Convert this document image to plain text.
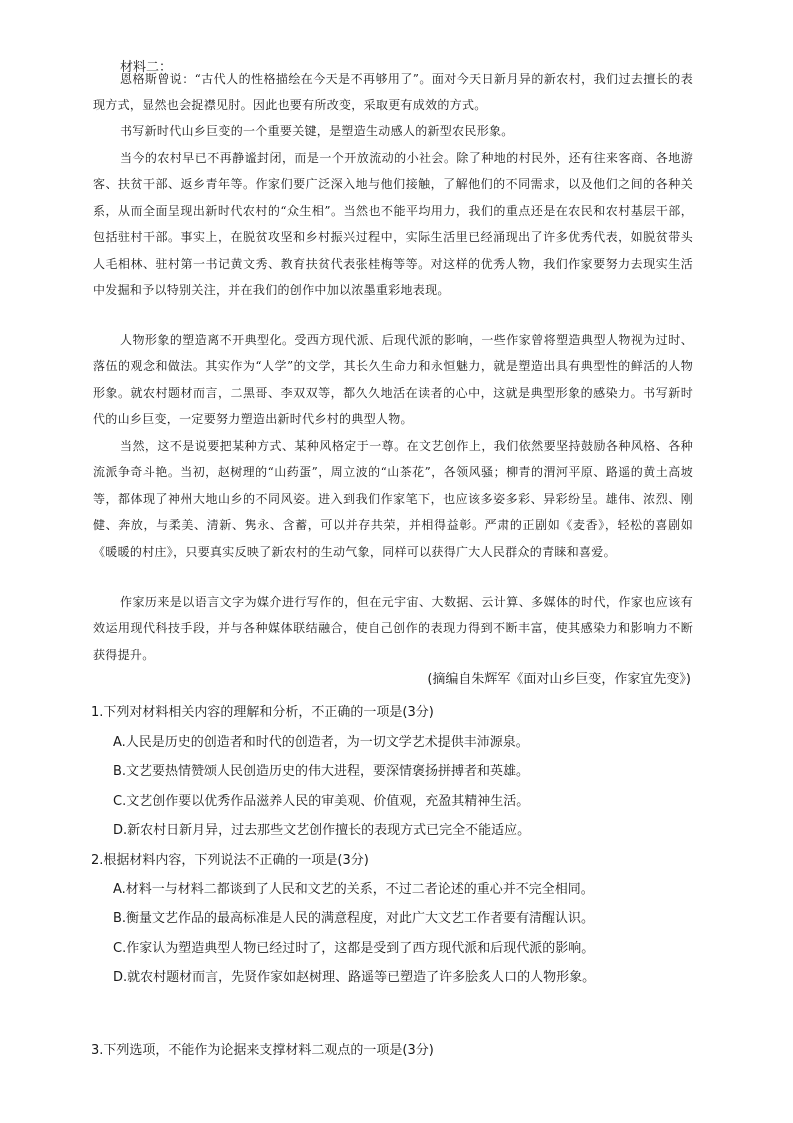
材料二：

恩格斯曾说：“古代人的性格描绘在今天是不再够用了”。面对今天日新月异的新农村，我们过去擅长的表现方式，显然也会捉襟见肘。因此也要有所改变，采取更有成效的方式。

书写新时代山乡巨变的一个重要关键，是塑造生动感人的新型农民形象。

当今的农村早已不再静谧封闭，而是一个开放流动的小社会。除了种地的村民外，还有往来客商、各地游客、扶贫干部、返乡青年等。作家们要广泛深入地与他们接触，了解他们的不同需求，以及他们之间的各种关系，从而全面呈现出新时代农村的“众生相”。当然也不能平均用力，我们的重点还是在农民和农村基层干部，包括驻村干部。事实上，在脱贫攻坚和乡村振兴过程中，实际生活里已经涌现出了许多优秀代表，如脱贫带头人毛相林、驻村第一书记黄文秀、教育扶贫代表张桂梅等等。对这样的优秀人物，我们作家要努力去现实生活中发掘和予以特别关注，并在我们的创作中加以浓墨重彩地表现。

人物形象的塑造离不开典型化。受西方现代派、后现代派的影响，一些作家曾将塑造典型人物视为过时、落伍的观念和做法。其实作为“人学”的文学，其长久生命力和永恒魅力，就是塑造出具有典型性的鲜活的人物形象。就农村题材而言，二黑哥、李双双等，都久久地活在读者的心中，这就是典型形象的感染力。书写新时代的山乡巨变，一定要努力塑造出新时代乡村的典型人物。

当然，这不是说要把某种方式、某种风格定于一尊。在文艺创作上，我们依然要坚持鼓励各种风格、各种流派争奇斗艳。当初，赵树理的“山药蛋”，周立波的“山茶花”，各领风骚；柳青的渭河平原、路遥的黄土高坡等，都体现了神州大地山乡的不同风姿。进入到我们作家笔下，也应该多姿多彩、异彩纷呈。雄伟、浓烈、刚健、奔放，与柔美、清新、隽永、含蓄，可以并存共荣，并相得益彰。严肃的正剧如《麦香》，轻松的喜剧如《暖暖的村庄》，只要真实反映了新农村的生动气象，同样可以获得广大人民群众的青睐和喜爱。

作家历来是以语言文字为媒介进行写作的，但在元宇宙、大数据、云计算、多媒体的时代，作家也应该有效运用现代科技手段，并与各种媒体联结融合，使自己创作的表现力得到不断丰富，使其感染力和影响力不断获得提升。

(摘编自朱辉军《面对山乡巨变，作家宜先变》)
1.下列对材料相关内容的理解和分析，不正确的一项是(3分)
A.人民是历史的创造者和时代的创造者，为一切文学艺术提供丰沛源泉。
B.文艺要热情赞颂人民创造历史的伟大进程，要深情褒扬拼搏者和英雄。
C.文艺创作要以优秀作品滋养人民的审美观、价值观，充盈其精神生活。
D.新农村日新月异，过去那些文艺创作擅长的表现方式已完全不能适应。
2.根据材料内容，下列说法不正确的一项是(3分)
A.材料一与材料二都谈到了人民和文艺的关系，不过二者论述的重心并不完全相同。
B.衡量文艺作品的最高标准是人民的满意程度，对此广大文艺工作者要有清醒认识。
C.作家认为塑造典型人物已经过时了，这都是受到了西方现代派和后现代派的影响。
D.就农村题材而言，先贤作家如赵树理、路遥等已塑造了许多脍炙人口的人物形象。
3.下列选项，不能作为论据来支撑材料二观点的一项是(3分)
